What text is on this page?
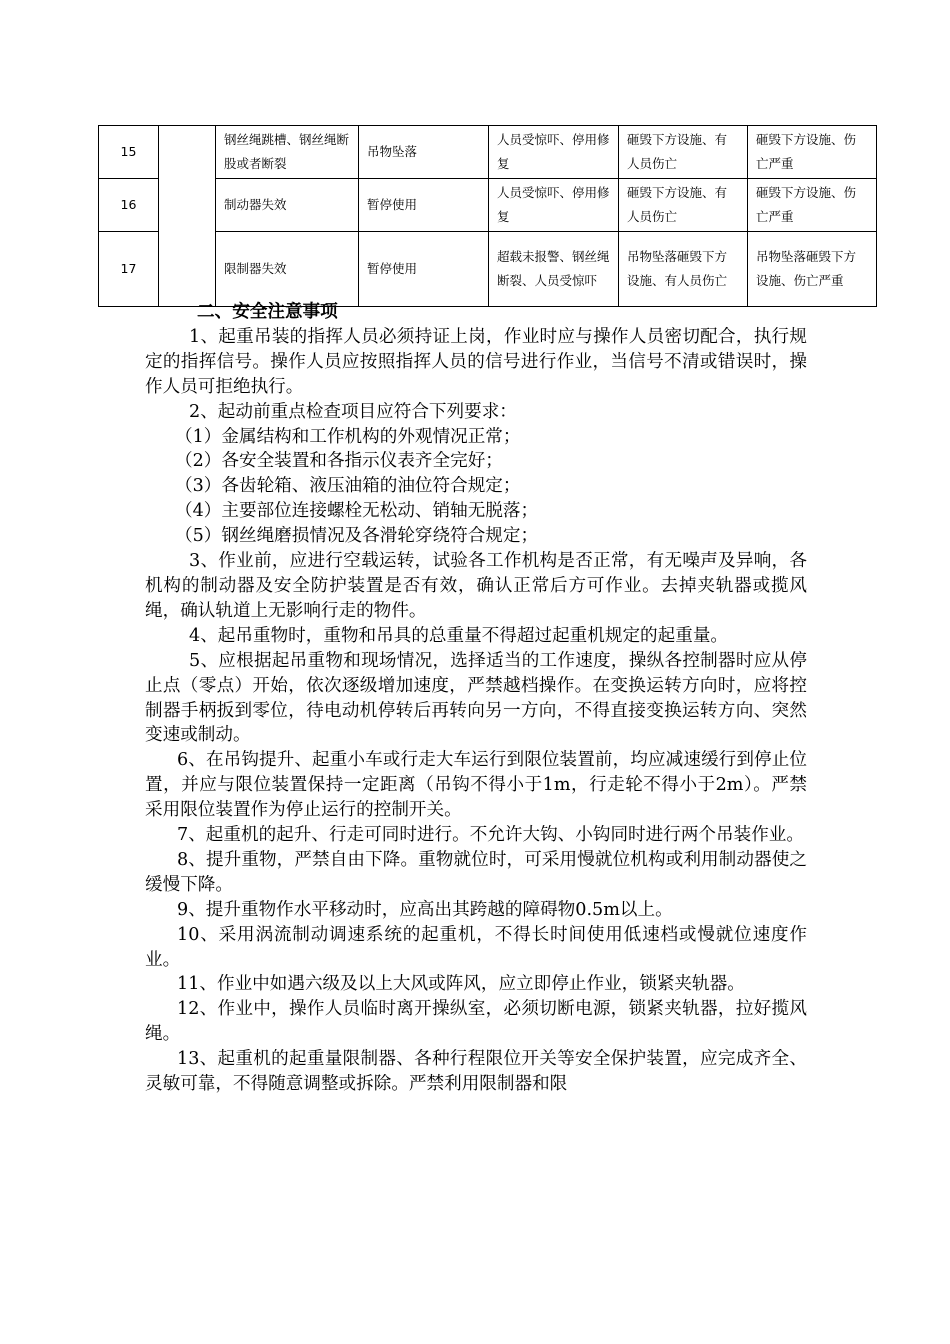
15		钢丝绳跳槽、钢丝绳断股或者断裂	吊物坠落	人员受惊吓、停用修复	砸毁下方设施、有人员伤亡	砸毁下方设施、伤亡严重
16		制动器失效	暂停使用	人员受惊吓、停用修复	砸毁下方设施、有人员伤亡	砸毁下方设施、伤亡严重
17		限制器失效	暂停使用	超载未报警、钢丝绳断裂、人员受惊吓	吊物坠落砸毁下方设施、有人员伤亡	吊物坠落砸毁下方设施、伤亡严重

二、安全注意事项

1、起重吊装的指挥人员必须持证上岗，作业时应与操作人员密切配合，执行规定的指挥信号。操作人员应按照指挥人员的信号进行作业，当信号不清或错误时，操作人员可拒绝执行。

2、起动前重点检查项目应符合下列要求：

（1）金属结构和工作机构的外观情况正常；

（2）各安全装置和各指示仪表齐全完好；

（3）各齿轮箱、液压油箱的油位符合规定；

（4）主要部位连接螺栓无松动、销轴无脱落；

（5）钢丝绳磨损情况及各滑轮穿绕符合规定；

3、作业前，应进行空载运转，试验各工作机构是否正常，有无噪声及异响，各机构的制动器及安全防护装置是否有效，确认正常后方可作业。去掉夹轨器或揽风绳，确认轨道上无影响行走的物件。

4、起吊重物时，重物和吊具的总重量不得超过起重机规定的起重量。

5、应根据起吊重物和现场情况，选择适当的工作速度，操纵各控制器时应从停止点（零点）开始，依次逐级增加速度，严禁越档操作。在变换运转方向时，应将控制器手柄扳到零位，待电动机停转后再转向另一方向，不得直接变换运转方向、突然变速或制动。

6、在吊钩提升、起重小车或行走大车运行到限位装置前，均应减速缓行到停止位置，并应与限位装置保持一定距离（吊钩不得小于1m，行走轮不得小于2m）。严禁采用限位装置作为停止运行的控制开关。

7、起重机的起升、行走可同时进行。不允许大钩、小钩同时进行两个吊装作业。

8、提升重物，严禁自由下降。重物就位时，可采用慢就位机构或利用制动器使之缓慢下降。

9、提升重物作水平移动时，应高出其跨越的障碍物0.5m以上。

10、采用涡流制动调速系统的起重机，不得长时间使用低速档或慢就位速度作业。

11、作业中如遇六级及以上大风或阵风，应立即停止作业，锁紧夹轨器。

12、作业中，操作人员临时离开操纵室，必须切断电源，锁紧夹轨器，拉好揽风绳。

13、起重机的起重量限制器、各种行程限位开关等安全保护装置，应完成齐全、灵敏可靠，不得随意调整或拆除。严禁利用限制器和限
